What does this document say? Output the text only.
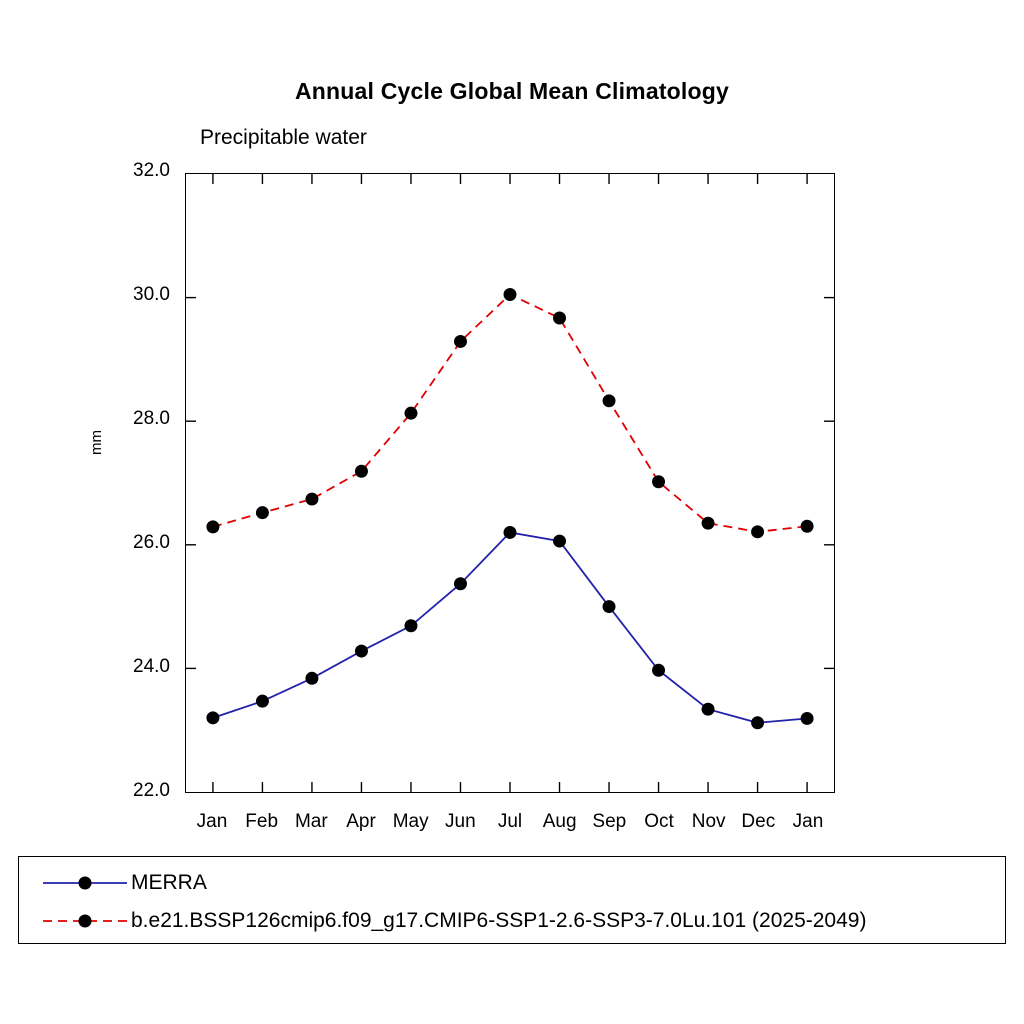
Annual Cycle Global Mean Climatology
Precipitable water
mm
22.0
24.0
26.0
28.0
30.0
32.0
Jan Feb Mar Apr May Jun Jul Aug Sep Oct Nov Dec Jan
MERRA
b.e21.BSSP126cmip6.f09_g17.CMIP6-SSP1-2.6-SSP3-7.0Lu.101 (2025-2049)
